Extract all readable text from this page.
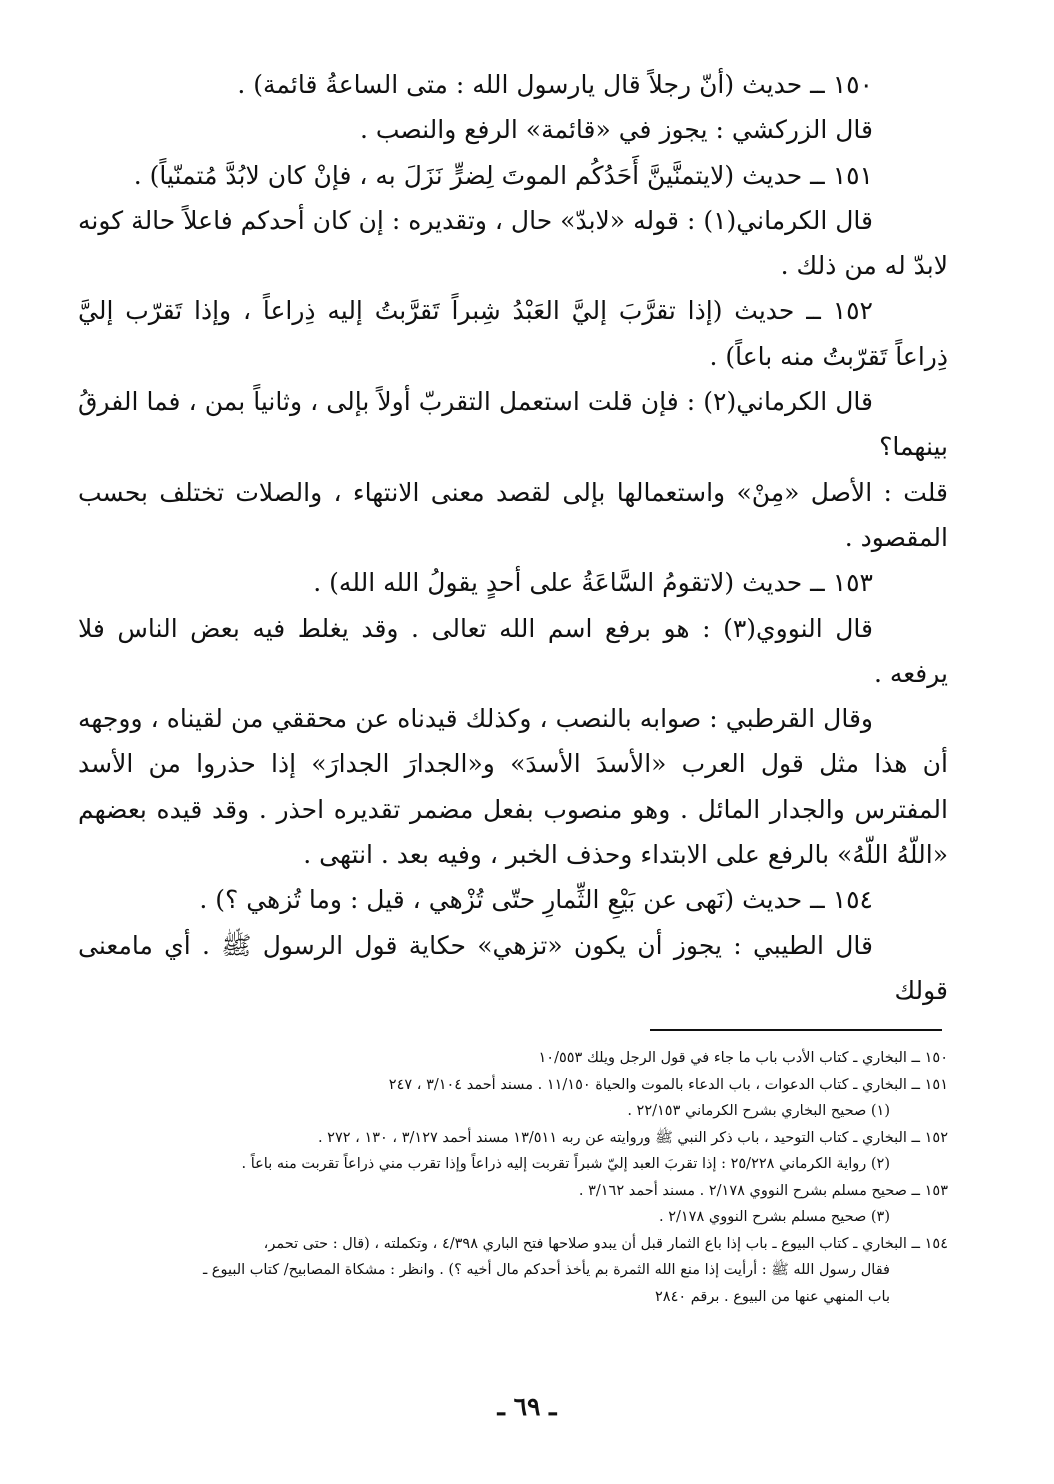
١٥٠ ــ حديث (أنّ رجلاً قال يارسول الله : متى الساعةُ قائمة) .

قال الزركشي : يجوز في «قائمة» الرفع والنصب .

١٥١ ــ حديث (لايتمنَّينَّ أَحَدُكُم الموتَ لِضرٍّ نَزَلَ به ، فإنْ كان لابُدَّ مُتمنّياً) .

قال الكرماني(١) : قوله «لابدّ» حال ، وتقديره : إن كان أحدكم فاعلاً حالة كونه لابدّ له من ذلك .

١٥٢ ــ حديث (إذا تقرَّبَ إليَّ العَبْدُ شِبراً تَقرَّبتُ إليه ذِراعاً ، وإذا تَقرّب إليَّ ذِراعاً تَقرّبتُ منه باعاً) .

قال الكرماني(٢) : فإن قلت استعمل التقربّ أولاً بإلى ، وثانياً بمن ، فما الفرقُ بينهما؟

قلت : الأصل «مِنْ» واستعمالها بإلى لقصد معنى الانتهاء ، والصلات تختلف بحسب المقصود .

١٥٣ ــ حديث (لاتقومُ السَّاعَةُ على أحدٍ يقولُ الله الله) .

قال النووي(٣) : هو برفع اسم الله تعالى . وقد يغلط فيه بعض الناس فلا يرفعه .

وقال القرطبي : صوابه بالنصب ، وكذلك قيدناه عن محققي من لقيناه ، ووجهه أن هذا مثل قول العرب «الأسدَ الأسدَ» و«الجدارَ الجدارَ» إذا حذروا من الأسد المفترس والجدار المائل . وهو منصوب بفعل مضمر تقديره احذر . وقد قيده بعضهم «اللّهُ اللّهُ» بالرفع على الابتداء وحذف الخبر ، وفيه بعد . انتهى .

١٥٤ ــ حديث (نَهى عن بَيْعِ الثِّمارِ حتّى تُزْهي ، قيل : وما تُزهي ؟) .

قال الطيبي : يجوز أن يكون «تزهي» حكاية قول الرسول ﷺ . أي مامعنى قولك

١٥٠ ــ البخاري ـ كتاب الأدب باب ما جاء في قول الرجل ويلك ١٠/٥٥٣

١٥١ ــ البخاري ـ كتاب الدعوات ، باب الدعاء بالموت والحياة ١١/١٥٠ . مسند أحمد ٣/١٠٤ ، ٢٤٧

(١) صحيح البخاري بشرح الكرماني ٢٢/١٥٣ .

١٥٢ ــ البخاري ـ كتاب التوحيد ، باب ذكر النبي ﷺ وروايته عن ربه ١٣/٥١١ مسند أحمد ٣/١٢٧ ، ١٣٠ ، ٢٧٢ .

(٢) رواية الكرماني ٢٥/٢٢٨ : إذا تقربَ العبد إليّ شبراً تقربت إليه ذراعاً وإذا تقرب مني ذراعاً تقربت منه باعاً .

١٥٣ ــ صحيح مسلم بشرح النووي ٢/١٧٨ . مسند أحمد ٣/١٦٢ .

(٣) صحيح مسلم بشرح النووي ٢/١٧٨ .

١٥٤ ــ البخاري ـ كتاب البيوع ـ باب إذا باع الثمار قبل أن يبدو صلاحها فتح الباري ٤/٣٩٨ ، وتكملته ، (قال : حتى تحمر،

فقال رسول الله ﷺ : أرأيت إذا منع الله الثمرة بم يأخذ أحدكم مال أخيه ؟) . وانظر : مشكاة المصابيح/ كتاب البيوع ـ

باب المنهي عنها من البيوع . برقم ٢٨٤٠

ـ ٦٩ ـ
